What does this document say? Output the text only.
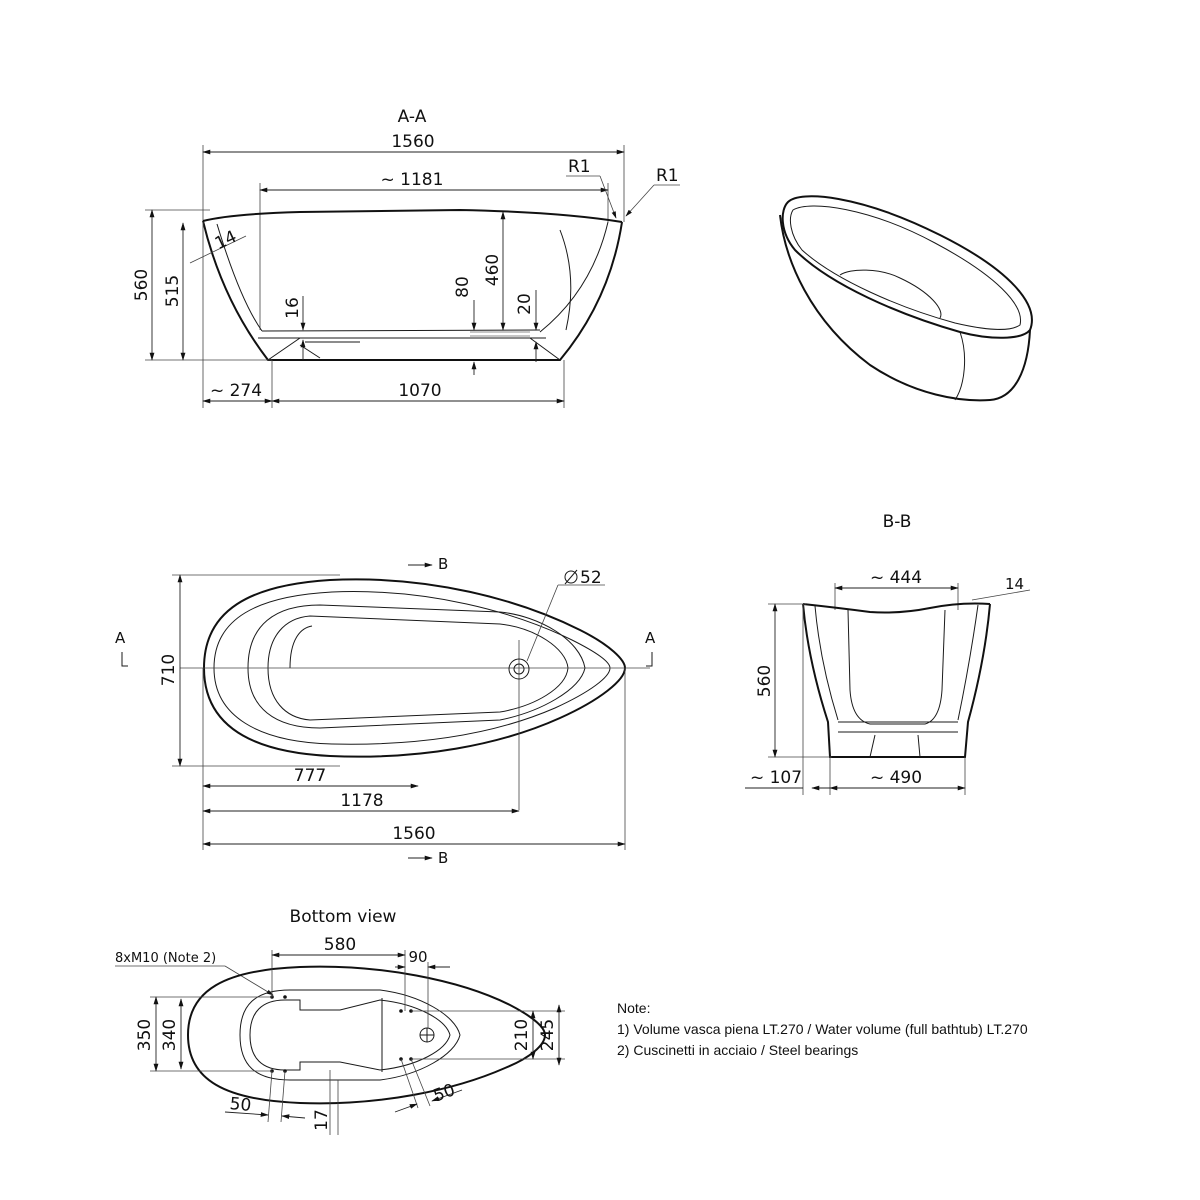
A-A
1560
~ 1181
R1	R1
560 515
14
16
80
460
20
~ 274	1070
B
B
A	A
52
710
777
1178
1560
B-B
~ 444	14
560
~ 107	~ 490
Bottom view
8xM10 (Note 2)
580
90
350 340	210 245
50
17
50
Note:
1) Volume vasca piena LT.270 / Water volume (full bathtub) LT.270
2) Cuscinetti in acciaio / Steel bearings
